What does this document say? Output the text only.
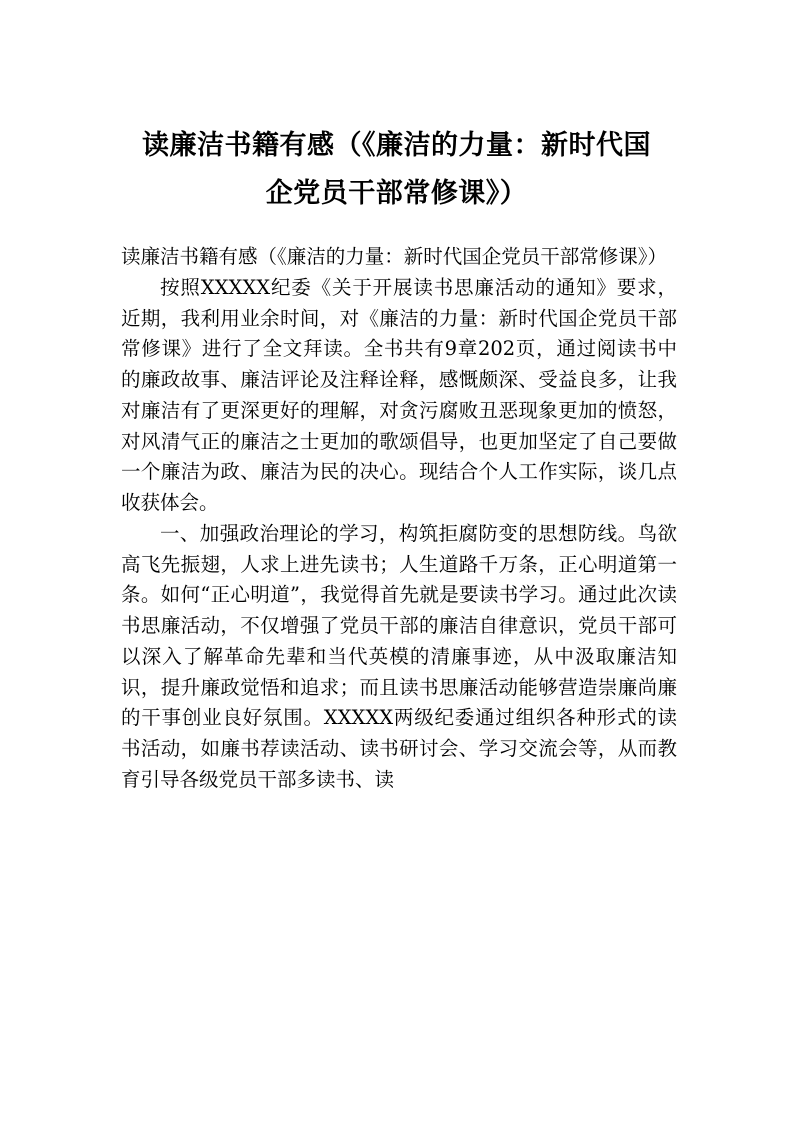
读廉洁书籍有感（《廉洁的力量：新时代国
企党员干部常修课》）

读廉洁书籍有感（《廉洁的力量：新时代国企党员干部常修课》）

按照XXXXX纪委《关于开展读书思廉活动的通知》要求，近期，我利用业余时间，对《廉洁的力量：新时代国企党员干部常修课》进行了全文拜读。全书共有9章202页，通过阅读书中的廉政故事、廉洁评论及注释诠释，感慨颇深、受益良多，让我对廉洁有了更深更好的理解，对贪污腐败丑恶现象更加的愤怒，对风清气正的廉洁之士更加的歌颂倡导，也更加坚定了自己要做一个廉洁为政、廉洁为民的决心。现结合个人工作实际，谈几点收获体会。

一、加强政治理论的学习，构筑拒腐防变的思想防线。鸟欲高飞先振翅，人求上进先读书；人生道路千万条，正心明道第一条。如何“正心明道”，我觉得首先就是要读书学习。通过此次读书思廉活动，不仅增强了党员干部的廉洁自律意识，党员干部可以深入了解革命先辈和当代英模的清廉事迹，从中汲取廉洁知识，提升廉政觉悟和追求；而且读书思廉活动能够营造崇廉尚廉的干事创业良好氛围。XXXXX两级纪委通过组织各种形式的读书活动，如廉书荐读活动、读书研讨会、学习交流会等，从而教育引导各级党员干部多读书、读
